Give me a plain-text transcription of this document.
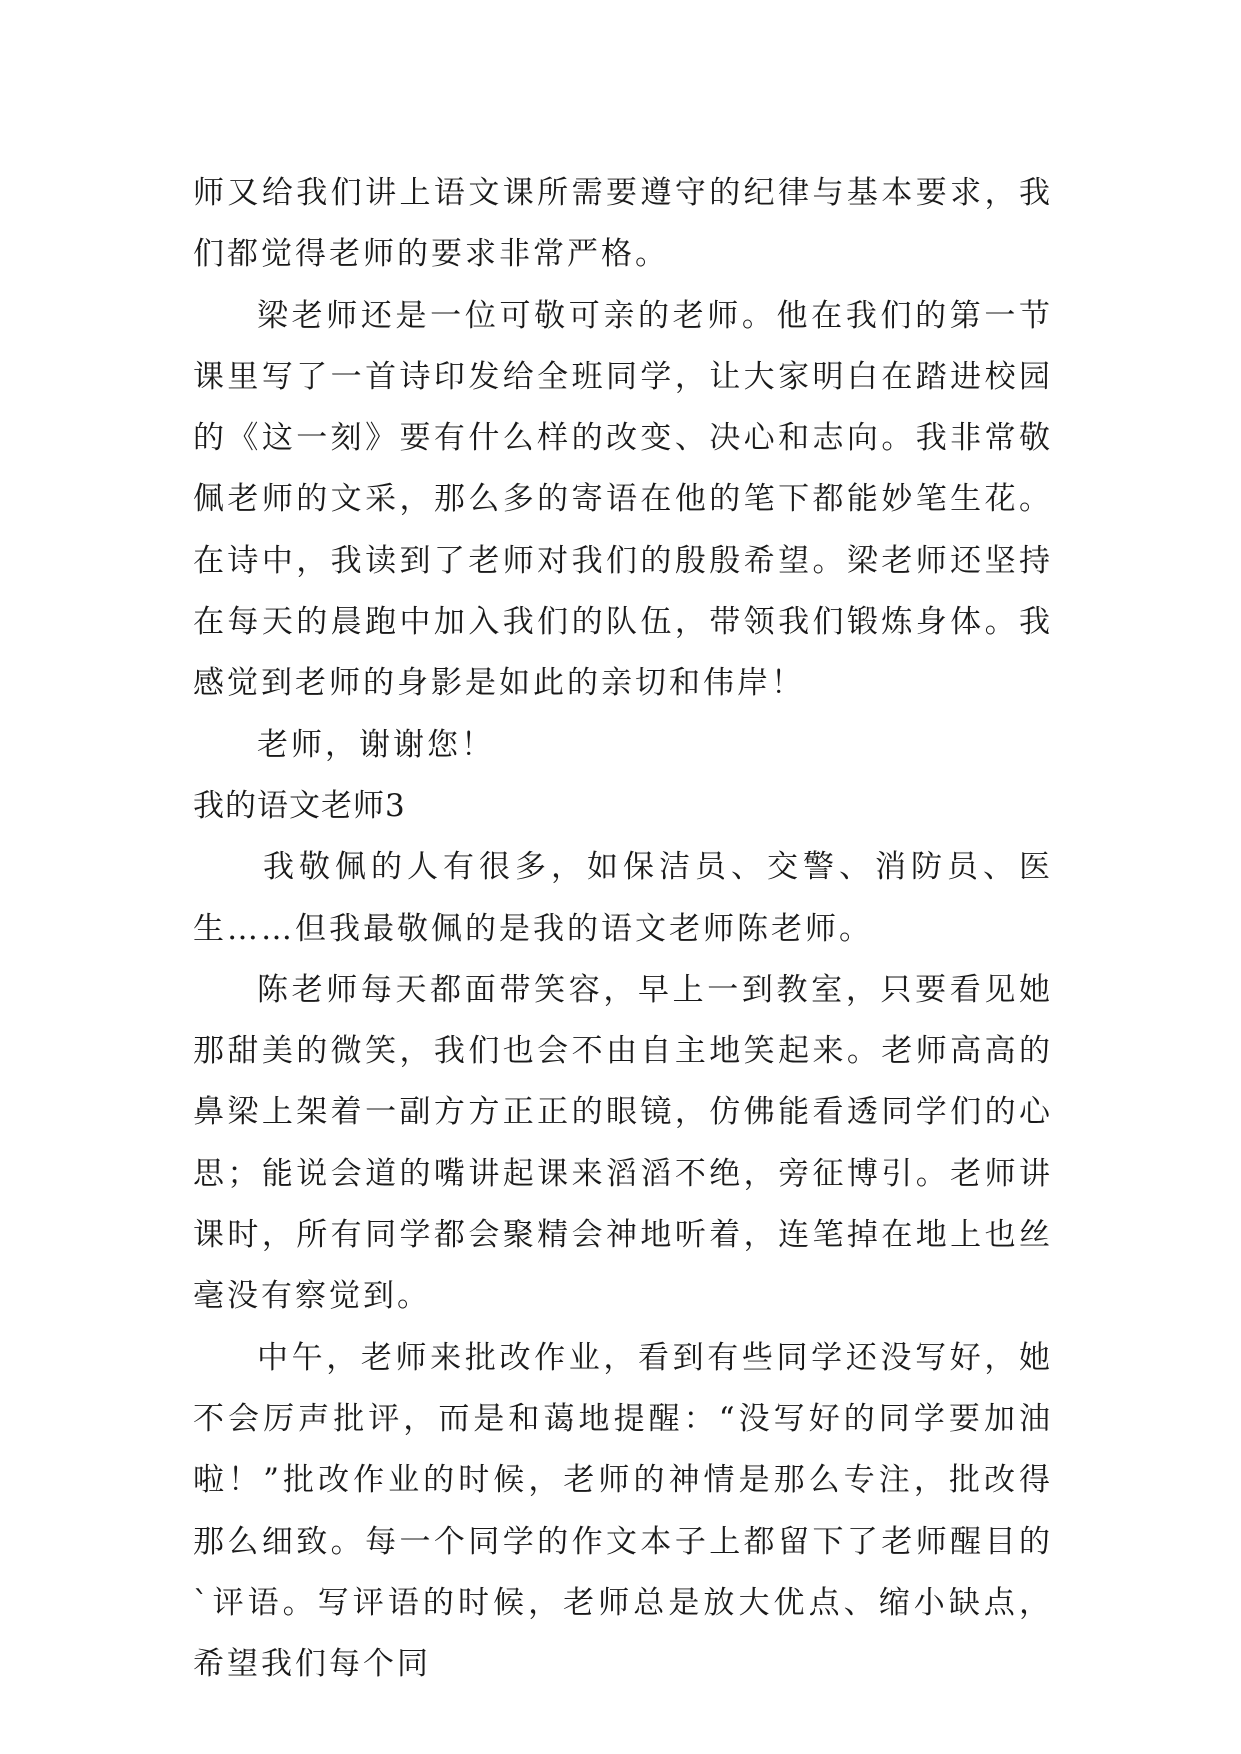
师又给我们讲上语文课所需要遵守的纪律与基本要求，我们都觉得老师的要求非常严格。

梁老师还是一位可敬可亲的老师。他在我们的第一节课里写了一首诗印发给全班同学，让大家明白在踏进校园的《这一刻》要有什么样的改变、决心和志向。我非常敬佩老师的文采，那么多的寄语在他的笔下都能妙笔生花。在诗中，我读到了老师对我们的殷殷希望。梁老师还坚持在每天的晨跑中加入我们的队伍，带领我们锻炼身体。我感觉到老师的身影是如此的亲切和伟岸！

老师，谢谢您！

我的语文老师3

我敬佩的人有很多，如保洁员、交警、消防员、医生……但我最敬佩的是我的语文老师陈老师。

陈老师每天都面带笑容，早上一到教室，只要看见她那甜美的微笑，我们也会不由自主地笑起来。老师高高的鼻梁上架着一副方方正正的眼镜，仿佛能看透同学们的心思；能说会道的嘴讲起课来滔滔不绝，旁征博引。老师讲课时，所有同学都会聚精会神地听着，连笔掉在地上也丝毫没有察觉到。

中午，老师来批改作业，看到有些同学还没写好，她不会厉声批评，而是和蔼地提醒：“没写好的同学要加油啦！”批改作业的时候，老师的神情是那么专注，批改得那么细致。每一个同学的作文本子上都留下了老师醒目的`评语。写评语的时候，老师总是放大优点、缩小缺点，希望我们每个同
